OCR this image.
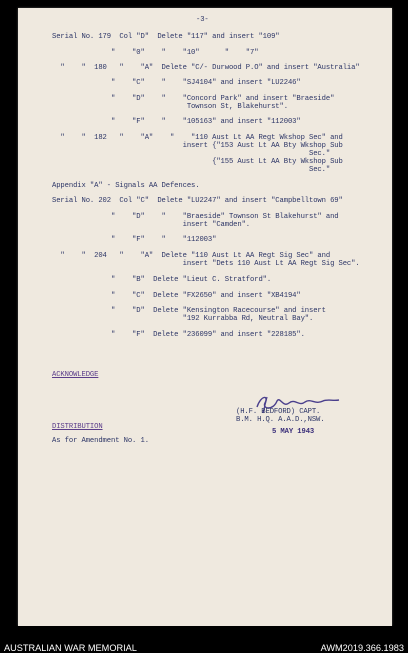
-3-
Serial No. 179  Col "D"  Delete "117" and insert "109"
"    "0"    "    "10"      "    "7"
"    "  180   "    "A"  Delete "C/- Durwood P.O" and insert "Australia"
"    "C"    "    "SJ4104" and insert "LU2246"
"    "D"    "    "Concord Park" and insert "Braeside"
Townson St, Blakehurst".
"    "F"    "    "105163" and insert "112003"
"    "  182   "    "A"    "    "110 Aust Lt AA Regt Wkshop Sec" and
insert {"153 Aust Lt AA Bty Wkshop Sub
Sec."
{"155 Aust Lt AA Bty Wkshop Sub
Sec."
Appendix "A" - Signals AA Defences.
Serial No. 202  Col "C"  Delete "LU2247" and insert "Campbelltown 69"
"    "D"    "    "Braeside" Townson St Blakehurst" and
insert "Camden".
"    "F"    "    "112003"
"    "  204   "    "A"  Delete "110 Aust Lt AA Regt Sig Sec" and
insert "Dets 110 Aust Lt AA Regt Sig Sec".
"    "B"  Delete "Lieut C. Stratford".
"    "C"  Delete "FX2650" and insert "XB4194"
"    "D"  Delete "Kensington Racecourse" and insert
"192 Kurrabba Rd, Neutral Bay".
"    "F"  Delete "236099" and insert "228185".
ACKNOWLEDGE
(H.F. BEDFORD) CAPT.
B.M. H.Q. A.A.D.,NSW.
5 MAY 1943
DISTRIBUTION
As for Amendment No. 1.
AUSTRALIAN WAR MEMORIAL	AWM2019.366.1983
